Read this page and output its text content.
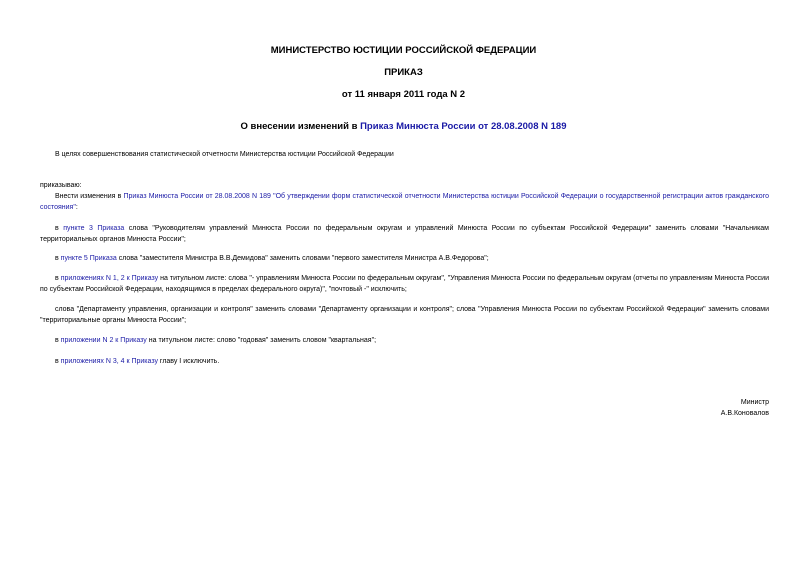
МИНИСТЕРСТВО ЮСТИЦИИ РОССИЙСКОЙ ФЕДЕРАЦИИ
ПРИКАЗ
от 11 января 2011 года N 2
О внесении изменений в Приказ Минюста России от 28.08.2008 N 189
В целях совершенствования статистической отчетности Министерства юстиции Российской Федерации
приказываю:
Внести изменения в Приказ Минюста России от 28.08.2008 N 189 "Об утверждении форм статистической отчетности Министерства юстиции Российской Федерации о государственной регистрации актов гражданского состояния":
в пункте 3 Приказа слова "Руководителям управлений Минюста России по федеральным округам и управлений Минюста России по субъектам Российской Федерации" заменить словами "Начальникам территориальных органов Минюста России";
в пункте 5 Приказа слова "заместителя Министра В.В.Демидова" заменить словами "первого заместителя Министра А.В.Федорова";
в приложениях N 1, 2 к Приказу на титульном листе: слова "- управлениям Минюста России по федеральным округам", "Управления Минюста России по федеральным округам (отчеты по управлениям Минюста России по субъектам Российской Федерации, находящимся в пределах федерального округа)", "почтовый -" исключить;
слова "Департаменту управления, организации и контроля" заменить словами "Департаменту организации и контроля"; слова "Управления Минюста России по субъектам Российской Федерации" заменить словами "территориальные органы Минюста России";
в приложении N 2 к Приказу на титульном листе: слово "годовая" заменить словом "квартальная";
в приложениях N 3, 4 к Приказу главу I исключить.
Министр
А.В.Коновалов
